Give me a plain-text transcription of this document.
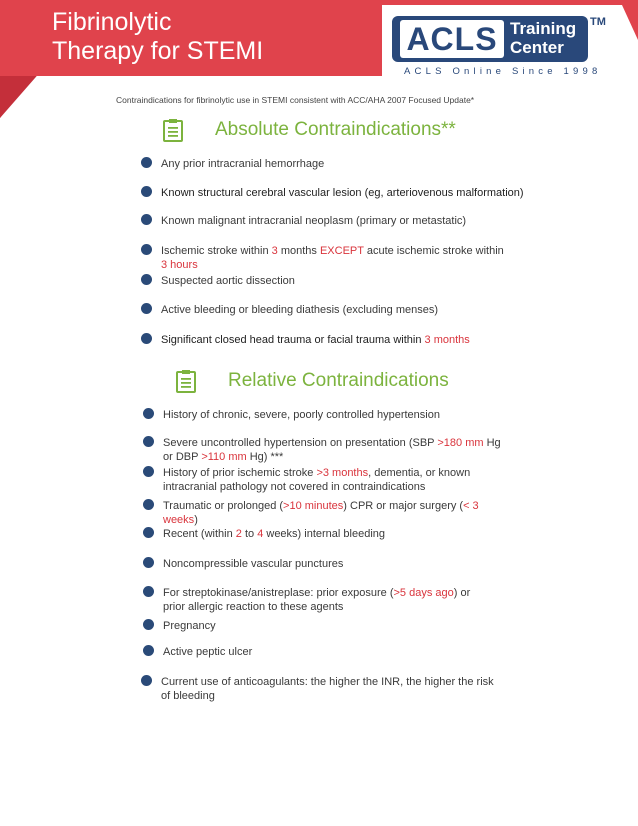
Fibrinolytic
Therapy for STEMI	ACLS Training
Center
TM
ACLS Online Since 1998
Contraindications for fibrinolytic use in STEMI consistent with ACC/AHA 2007 Focused Update*
Absolute Contraindications**
Any prior intracranial hemorrhage
Known structural cerebral vascular lesion (eg, arteriovenous malformation)
Known malignant intracranial neoplasm (primary or metastatic)
Ischemic stroke within 3 months EXCEPT acute ischemic stroke within 3 hours
Suspected aortic dissection
Active bleeding or bleeding diathesis (excluding menses)
Significant closed head trauma or facial trauma within 3 months
Relative Contraindications
History of chronic, severe, poorly controlled hypertension
Severe uncontrolled hypertension on presentation (SBP >180 mm Hg or DBP >110 mm Hg) ***
History of prior ischemic stroke >3 months, dementia, or known intracranial pathology not covered in contraindications
Traumatic or prolonged (>10 minutes) CPR or major surgery (< 3 weeks)
Recent (within 2 to 4 weeks) internal bleeding
Noncompressible vascular punctures
For streptokinase/anistreplase: prior exposure (>5 days ago) or prior allergic reaction to these agents
Pregnancy
Active peptic ulcer
Current use of anticoagulants: the higher the INR, the higher the risk of bleeding
